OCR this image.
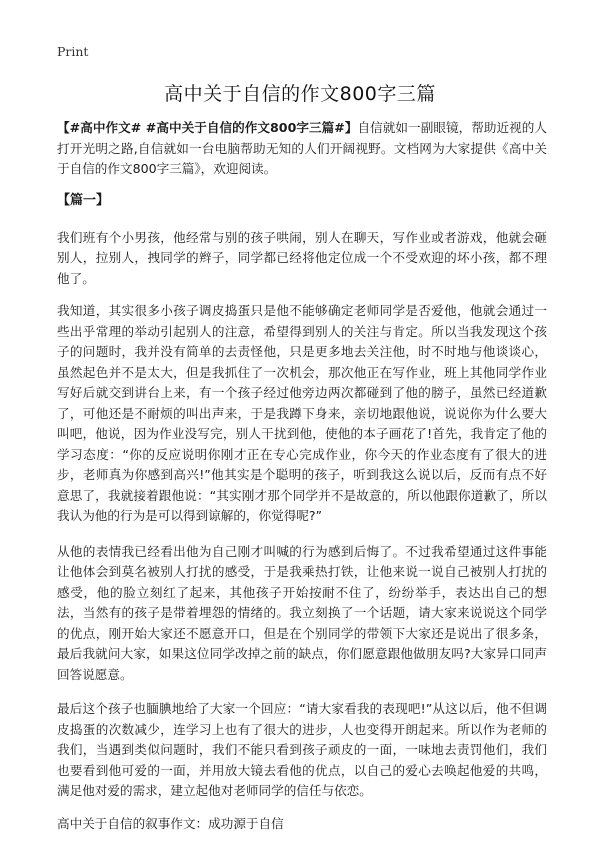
Print
高中关于自信的作文800字三篇

【#高中作文# #高中关于自信的作文800字三篇#】自信就如一副眼镜，帮助近视的人打开光明之路,自信就如一台电脑帮助无知的人们开阔视野。文档网为大家提供《高中关于自信的作文800字三篇》，欢迎阅读。

【篇一】

我们班有个小男孩，他经常与别的孩子哄闹，别人在聊天，写作业或者游戏，他就会砸别人，拉别人，拽同学的辫子，同学都已经将他定位成一个不受欢迎的坏小孩，都不理他了。

我知道，其实很多小孩子调皮捣蛋只是他不能够确定老师同学是否爱他，他就会通过一些出乎常理的举动引起别人的注意，希望得到别人的关注与肯定。所以当我发现这个孩子的问题时，我并没有简单的去责怪他，只是更多地去关注他，时不时地与他谈谈心，虽然起色并不是太大，但是我抓住了一次机会，那次他正在写作业，班上其他同学作业写好后就交到讲台上来，有一个孩子经过他旁边两次都碰到了他的膀子，虽然已经道歉了，可他还是不耐烦的叫出声来，于是我蹲下身来，亲切地跟他说，说说你为什么要大叫吧，他说，因为作业没写完，别人干扰到他，使他的本子画花了!首先，我肯定了他的学习态度：“你的反应说明你刚才正在专心完成作业，你今天的作业态度有了很大的进步，老师真为你感到高兴!”他其实是个聪明的孩子，听到我这么说以后，反而有点不好意思了，我就接着跟他说：“其实刚才那个同学并不是故意的，所以他跟你道歉了，所以我认为他的行为是可以得到谅解的，你觉得呢?”

从他的表情我已经看出他为自己刚才叫喊的行为感到后悔了。不过我希望通过这件事能让他体会到莫名被别人打扰的感受，于是我乘热打铁，让他来说一说自己被别人打扰的感受，他的脸立刻红了起来，其他孩子开始按耐不住了，纷纷举手，表达出自己的想法，当然有的孩子是带着埋怨的情绪的。我立刻换了一个话题，请大家来说说这个同学的优点，刚开始大家还不愿意开口，但是在个别同学的带领下大家还是说出了很多条，最后我就问大家，如果这位同学改掉之前的缺点，你们愿意跟他做朋友吗?大家异口同声回答说愿意。

最后这个孩子也腼腆地给了大家一个回应：“请大家看我的表现吧!”从这以后，他不但调皮捣蛋的次数减少，连学习上也有了很大的进步，人也变得开朗起来。所以作为老师的我们，当遇到类似问题时，我们不能只看到孩子顽皮的一面，一味地去责罚他们，我们也要看到他可爱的一面，并用放大镜去看他的优点，以自己的爱心去唤起他爱的共鸣，满足他对爱的需求，建立起他对老师同学的信任与依恋。

高中关于自信的叙事作文：成功源于自信
